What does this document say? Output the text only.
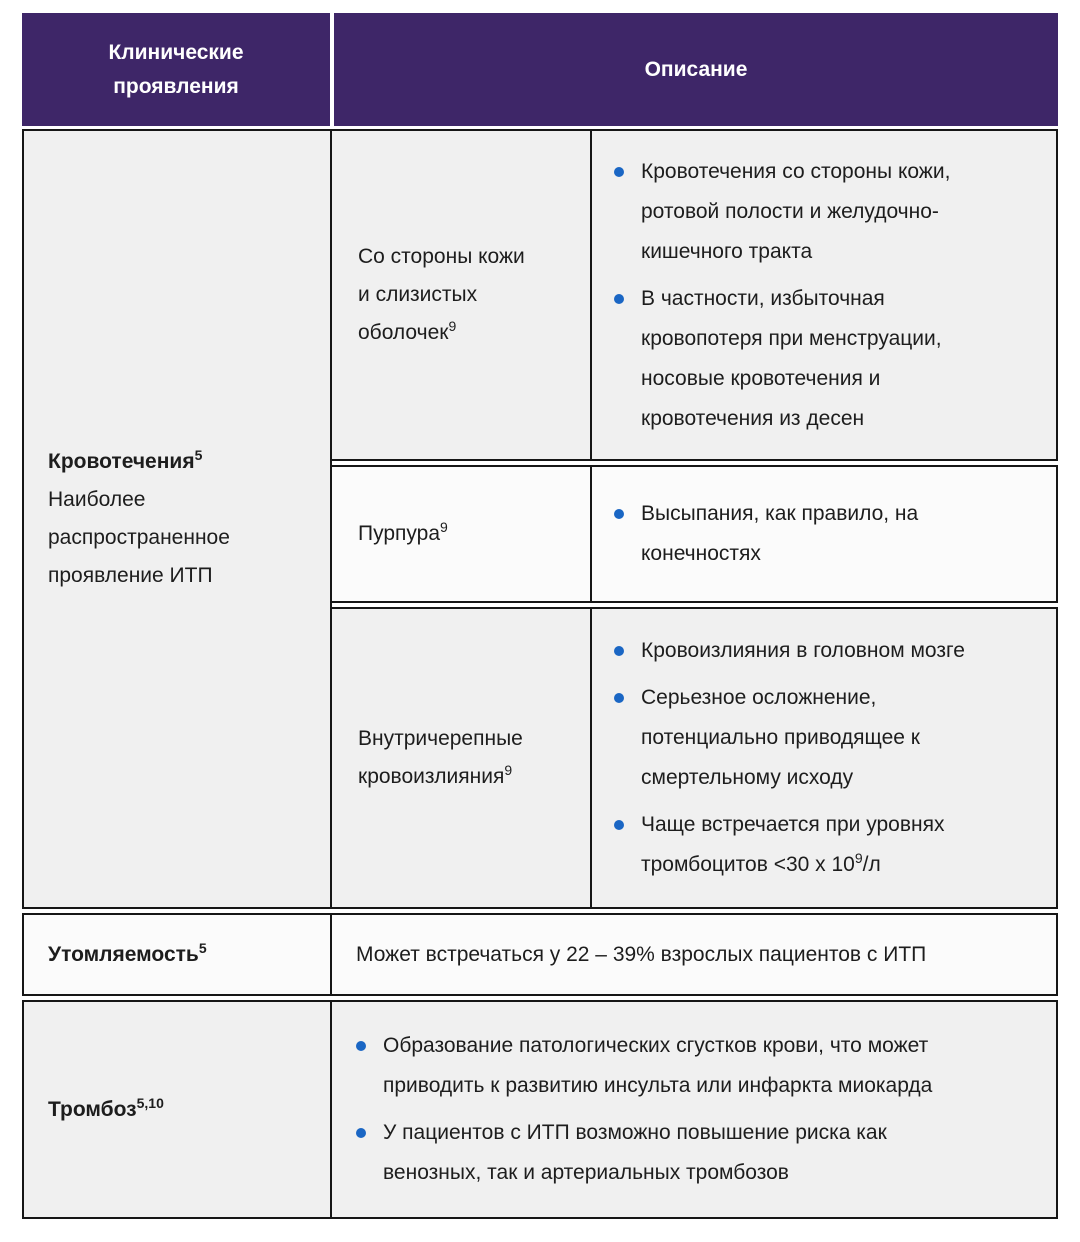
Клинические проявления
Описание
Кровотечения$^5$
Наиболее распространенное проявление ИТП
Со стороны кожи и слизистых оболочек$^9$
Кровотечения со стороны кожи, ротовой полости и желудочно-кишечного тракта
В частности, избыточная кровопотеря при менструации, носовые кровотечения и кровотечения из десен
Пурпура$^9$
Высыпания, как правило, на конечностях
Внутричерепные кровоизлияния$^9$
Кровоизлияния в головном мозге
Серьезное осложнение, потенциально приводящее к смертельному исходу
Чаще встречается при уровнях тромбоцитов <30 x $10^9/л$
Утомляемость$^5$	Может встречаться у 22 – 39% взрослых пациентов с ИТП
Тромбоз$^{5,10}$
Образование патологических сгустков крови, что может приводить к развитию инсульта или инфаркта миокарда
У пациентов с ИТП возможно повышение риска как венозных, так и артериальных тромбозов
